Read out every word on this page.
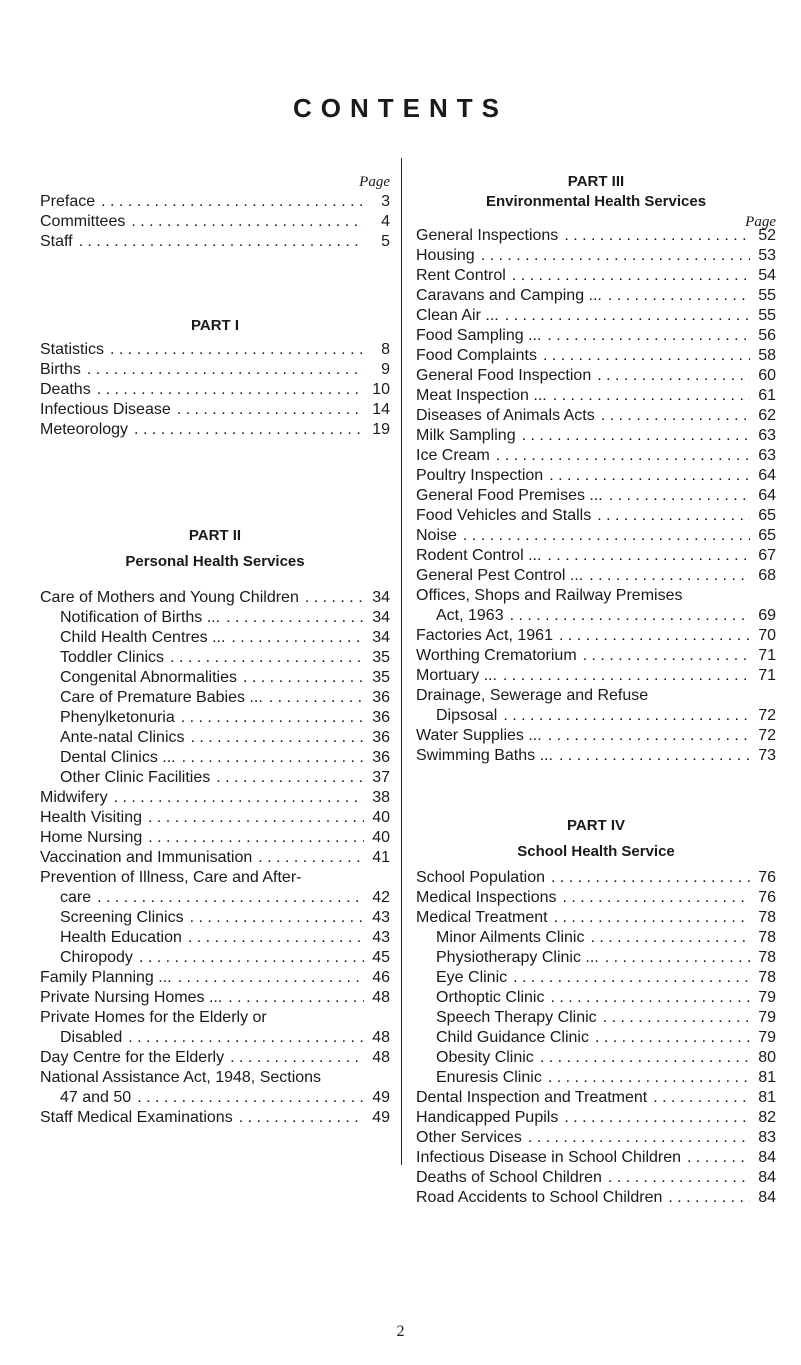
CONTENTS
Page
Preface . . .	3
Committees . . .	4
Staff . . .	5
PART I
Statistics . . .	8
Births . . .	9
Deaths . . .	10
Infectious Disease . . .	14
Meteorology . . .	19
PART II
Personal Health Services
Care of Mothers and Young Children . . .	34
Notification of Births ... . . .	34
Child Health Centres ... . . .	34
Toddler Clinics . . .	35
Congenital Abnormalities . . .	35
Care of Premature Babies ... . . .	36
Phenylketonuria . . .	36
Ante-natal Clinics . . .	36
Dental Clinics ... . . .	36
Other Clinic Facilities . . .	37
Midwifery . . .	38
Health Visiting . . .	40
Home Nursing . . .	40
Vaccination and Immunisation . . .	41
Prevention of Illness, Care and After-
care . . .	42
Screening Clinics . . .	43
Health Education . . .	43
Chiropody . . .	45
Family Planning ... . . .	46
Private Nursing Homes ... . . .	48
Private Homes for the Elderly or
Disabled . . .	48
Day Centre for the Elderly . . .	48
National Assistance Act, 1948, Sections
47 and 50 . . .	49
Staff Medical Examinations . . .	49
PART III
Environmental Health Services
Page
General Inspections . . .	52
Housing . . .	53
Rent Control . . .	54
Caravans and Camping ... . . .	55
Clean Air ... . . .	55
Food Sampling ... . . .	56
Food Complaints . . .	58
General Food Inspection . . .	60
Meat Inspection ... . . .	61
Diseases of Animals Acts . . .	62
Milk Sampling . . .	63
Ice Cream . . .	63
Poultry Inspection . . .	64
General Food Premises ... . . .	64
Food Vehicles and Stalls . . .	65
Noise . . .	65
Rodent Control ... . . .	67
General Pest Control ... . . .	68
Offices, Shops and Railway Premises
Act, 1963 . . .	69
Factories Act, 1961 . . .	70
Worthing Crematorium . . .	71
Mortuary ... . . .	71
Drainage, Sewerage and Refuse
Dipsosal . . .	72
Water Supplies ... . . .	72
Swimming Baths ... . . .	73
PART IV
School Health Service
School Population . . .	76
Medical Inspections . . .	76
Medical Treatment . . .	78
Minor Ailments Clinic . . .	78
Physiotherapy Clinic ... . . .	78
Eye Clinic . . .	78
Orthoptic Clinic . . .	79
Speech Therapy Clinic . . .	79
Child Guidance Clinic . . .	79
Obesity Clinic . . .	80
Enuresis Clinic . . .	81
Dental Inspection and Treatment . . .	81
Handicapped Pupils . . .	82
Other Services . . .	83
Infectious Disease in School Children . . .	84
Deaths of School Children . . .	84
Road Accidents to School Children . . .	84
2
